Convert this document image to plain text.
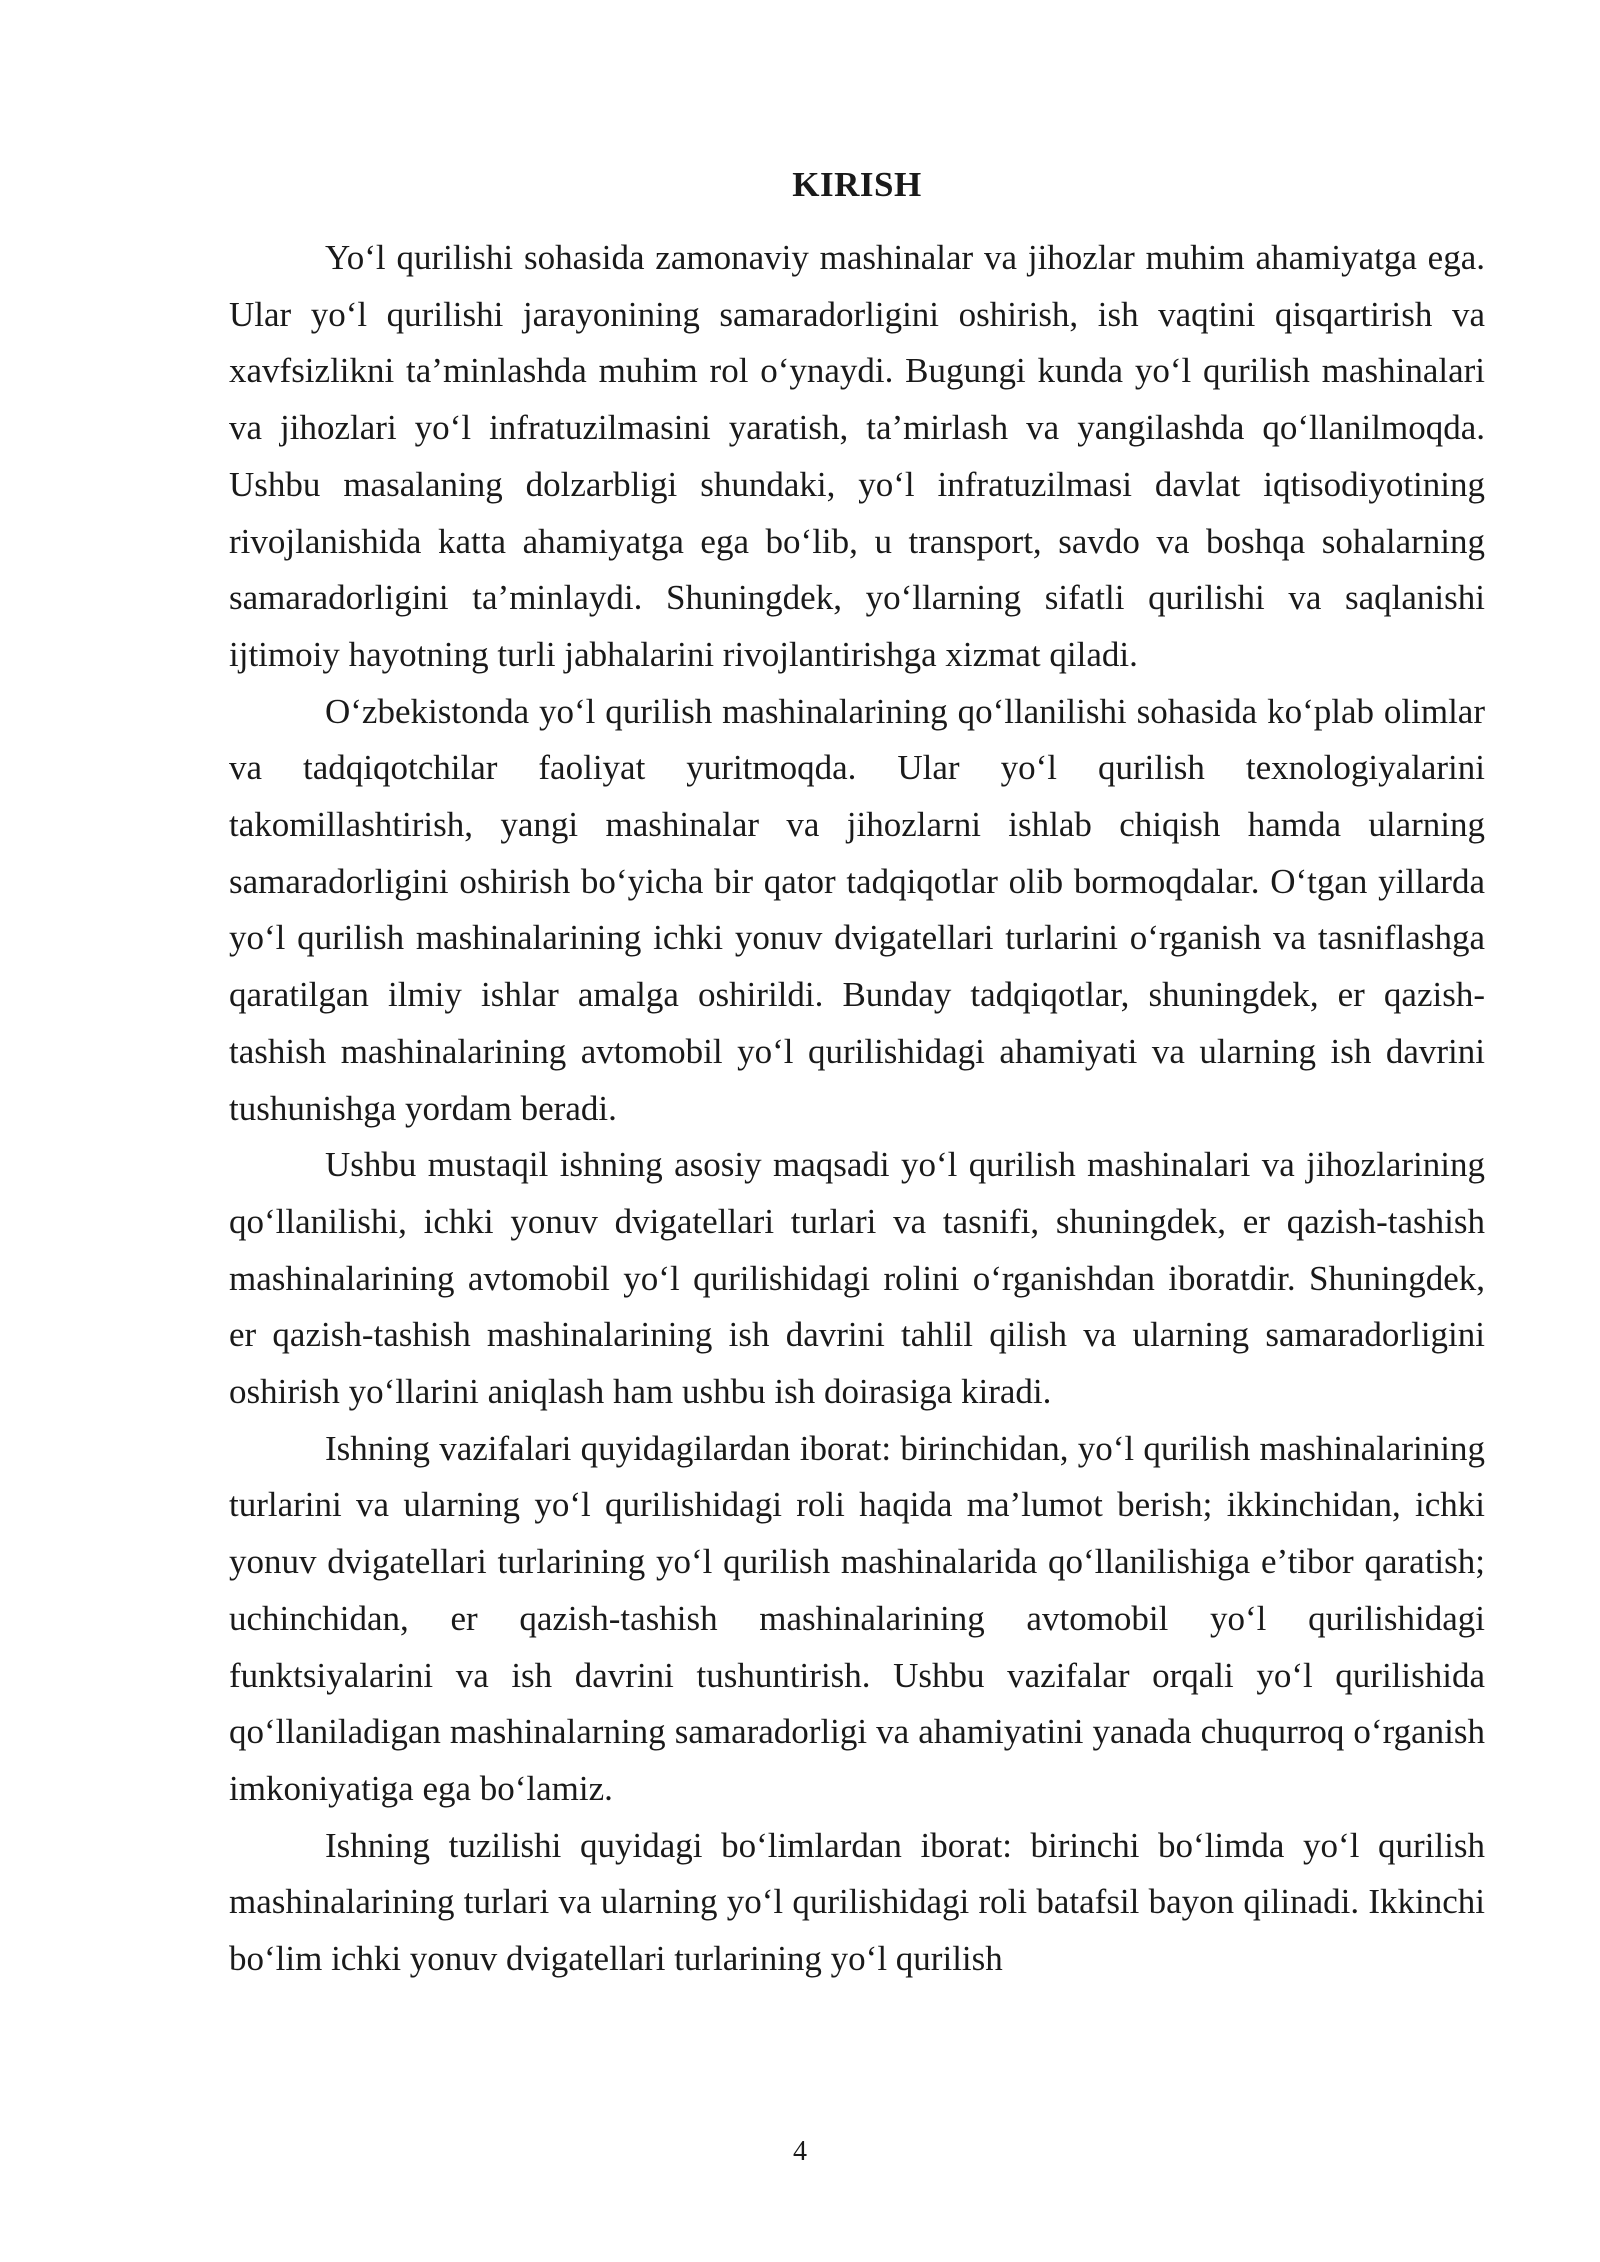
KIRISH

Yo‘l qurilishi sohasida zamonaviy mashinalar va jihozlar muhim ahamiyatga ega. Ular yo‘l qurilishi jarayonining samaradorligini oshirish, ish vaqtini qisqartirish va xavfsizlikni ta’minlashda muhim rol o‘ynaydi. Bugungi kunda yo‘l qurilish mashinalari va jihozlari yo‘l infratuzilmasini yaratish, ta’mirlash va yangilashda qo‘llanilmoqda. Ushbu masalaning dolzarbligi shundaki, yo‘l infratuzilmasi davlat iqtisodiyotining rivojlanishida katta ahamiyatga ega bo‘lib, u transport, savdo va boshqa sohalarning samaradorligini ta’minlaydi. Shuningdek, yo‘llarning sifatli qurilishi va saqlanishi ijtimoiy hayotning turli jabhalarini rivojlantirishga xizmat qiladi.

O‘zbekistonda yo‘l qurilish mashinalarining qo‘llanilishi sohasida ko‘plab olimlar va tadqiqotchilar faoliyat yuritmoqda. Ular yo‘l qurilish texnologiyalarini takomillashtirish, yangi mashinalar va jihozlarni ishlab chiqish hamda ularning samaradorligini oshirish bo‘yicha bir qator tadqiqotlar olib bormoqdalar. O‘tgan yillarda yo‘l qurilish mashinalarining ichki yonuv dvigatellari turlarini o‘rganish va tasniflashga qaratilgan ilmiy ishlar amalga oshirildi. Bunday tadqiqotlar, shuningdek, er qazish-tashish mashinalarining avtomobil yo‘l qurilishidagi ahamiyati va ularning ish davrini tushunishga yordam beradi.

Ushbu mustaqil ishning asosiy maqsadi yo‘l qurilish mashinalari va jihozlarining qo‘llanilishi, ichki yonuv dvigatellari turlari va tasnifi, shuningdek, er qazish-tashish mashinalarining avtomobil yo‘l qurilishidagi rolini o‘rganishdan iboratdir. Shuningdek, er qazish-tashish mashinalarining ish davrini tahlil qilish va ularning samaradorligini oshirish yo‘llarini aniqlash ham ushbu ish doirasiga kiradi.

Ishning vazifalari quyidagilardan iborat: birinchidan, yo‘l qurilish mashinalarining turlarini va ularning yo‘l qurilishidagi roli haqida ma’lumot berish; ikkinchidan, ichki yonuv dvigatellari turlarining yo‘l qurilish mashinalarida qo‘llanilishiga e’tibor qaratish; uchinchidan, er qazish-tashish mashinalarining avtomobil yo‘l qurilishidagi funktsiyalarini va ish davrini tushuntirish. Ushbu vazifalar orqali yo‘l qurilishida qo‘llaniladigan mashinalarning samaradorligi va ahamiyatini yanada chuqurroq o‘rganish imkoniyatiga ega bo‘lamiz.

Ishning tuzilishi quyidagi bo‘limlardan iborat: birinchi bo‘limda yo‘l qurilish mashinalarining turlari va ularning yo‘l qurilishidagi roli batafsil bayon qilinadi. Ikkinchi bo‘lim ichki yonuv dvigatellari turlarining yo‘l qurilish

4
